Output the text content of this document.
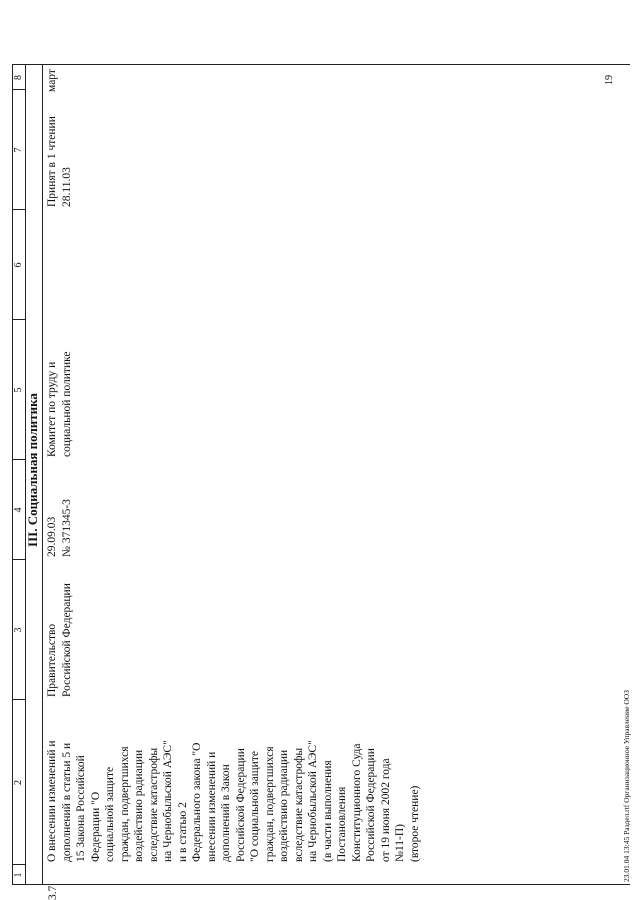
1
2
3
4
5
6
7
8
III. Социальная политика
3.7
О внесении изменений и дополнений в статьи 5 и 15 Закона Российской Федерации "О социальной защите граждан, подвергшихся воздействию радиации вследствие катастрофы на Чернобыльской АЭС" и в статью 2 Федерального закона "О внесении изменений и дополнений в Закон Российской Федерации "О социальной защите граждан, подвергшихся воздействию радиации вследствие катастрофы на Чернобыльской АЭС" (в части выполнения Постановления Конституционного Суда Российской Федерации от 19 июня 2002 года №11-П) (второе чтение)
Правительство Российской Федерации
29.09.03 № 371345-3
Комитет по труду и социальной политике
Принят в 1 чтении 28.11.03
март
23.01.04 13:45 Раздел.rtf Организационное Управление ООЗ
19
